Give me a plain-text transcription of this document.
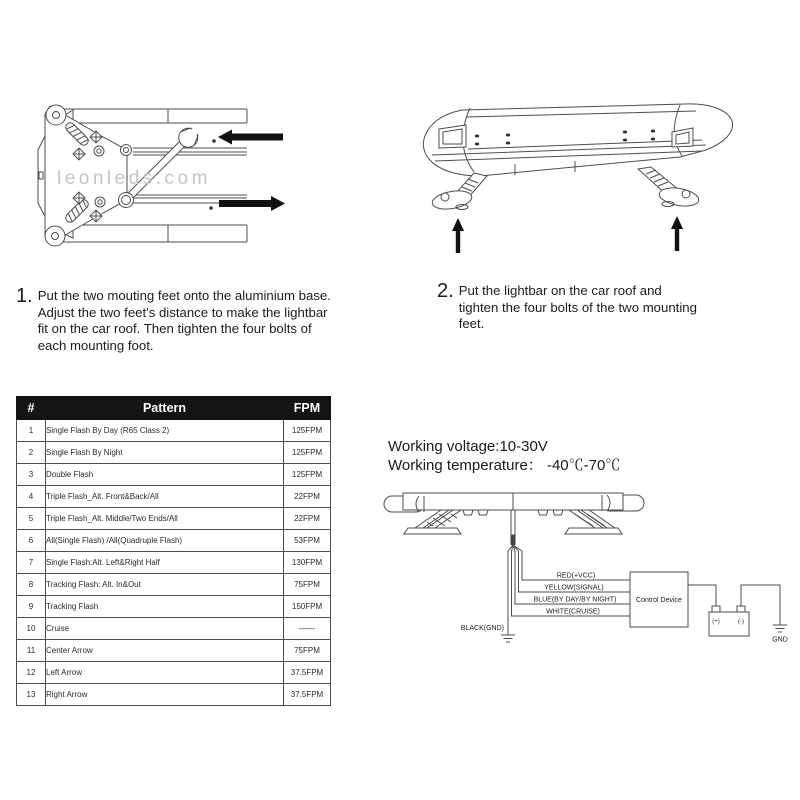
leonleds.com
1. Put the two mouting feet onto the aluminium base. Adjust the two feet's distance to make the lightbar fit on the car roof. Then tighten the four bolts of each mounting foot.

2. Put the lightbar on the car roof and tighten the four bolts of the two mounting feet.

#	Pattern	FPM
1	Single Flash By Day (R65 Class 2)	125FPM
2	Single Flash By Night	125FPM
3	Double Flash	125FPM
4	Triple Flash_Alt. Front&Back/All	22FPM
5	Triple Flash_Alt. Middle/Two Ends/All	22FPM
6	All(Single Flash) /All(Quadruple Flash)	53FPM
7	Single Flash:Alt. Left&Right Half	130FPM
8	Tracking Flash: Alt. In&Out	75FPM
9	Tracking Flash	150FPM
10	Cruise	——
11	Center Arrow	75FPM
12	Left Arrow	37.5FPM
13	Right Arrow	37.5FPM
Working voltage:10-30V
Working temperature： -40℃-70℃
RED(+VCC)
YELLOW(SIGNAL)
BLUE(BY DAY/BY NIGHT)
WHITE(CRUISE)
BLACK(GND)
Control Device
(+)	(-)
GND
